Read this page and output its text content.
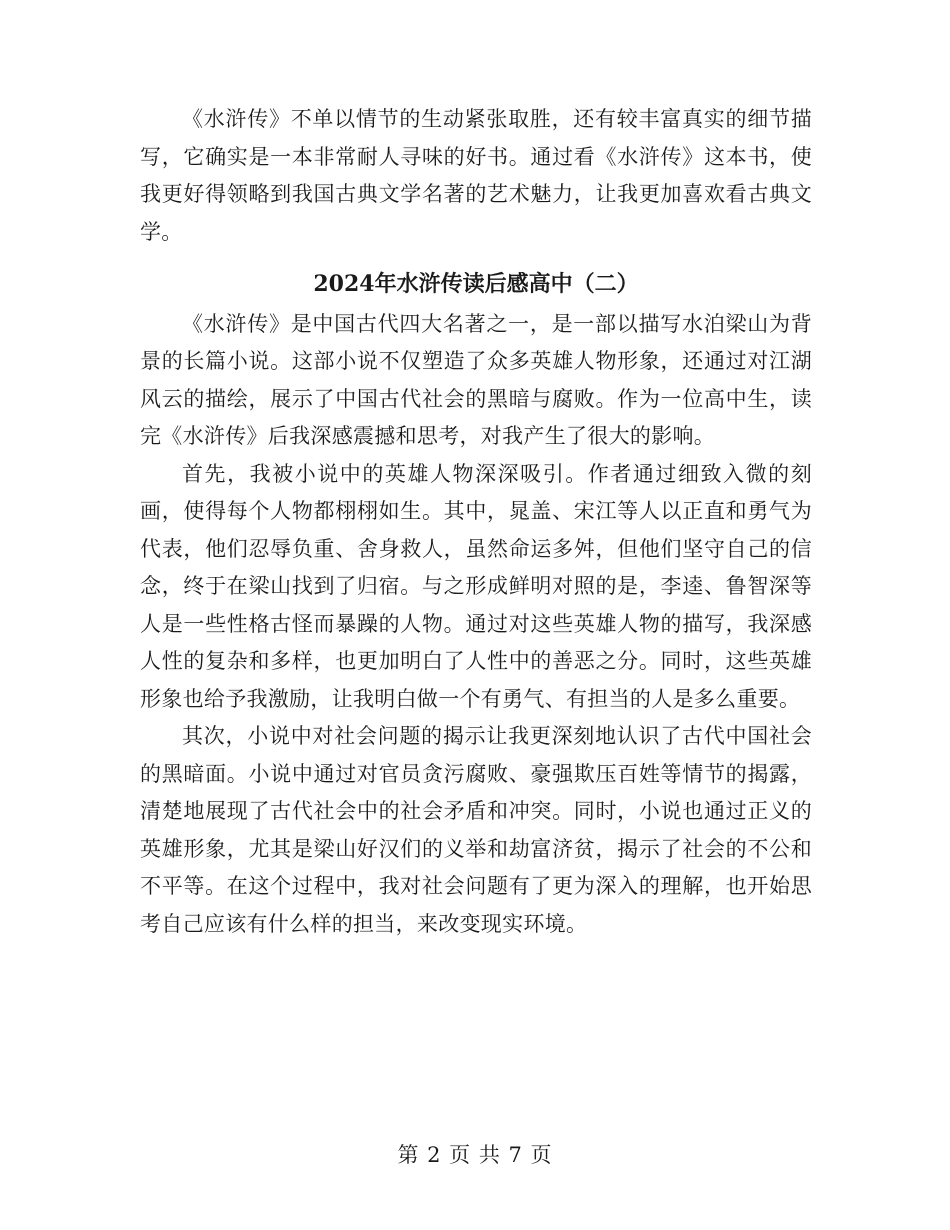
《水浒传》不单以情节的生动紧张取胜，还有较丰富真实的细节描写，它确实是一本非常耐人寻味的好书。通过看《水浒传》这本书，使我更好得领略到我国古典文学名著的艺术魅力，让我更加喜欢看古典文学。

2024年水浒传读后感高中（二）

《水浒传》是中国古代四大名著之一，是一部以描写水泊梁山为背景的长篇小说。这部小说不仅塑造了众多英雄人物形象，还通过对江湖风云的描绘，展示了中国古代社会的黑暗与腐败。作为一位高中生，读完《水浒传》后我深感震撼和思考，对我产生了很大的影响。

首先，我被小说中的英雄人物深深吸引。作者通过细致入微的刻画，使得每个人物都栩栩如生。其中，晁盖、宋江等人以正直和勇气为代表，他们忍辱负重、舍身救人，虽然命运多舛，但他们坚守自己的信念，终于在梁山找到了归宿。与之形成鲜明对照的是，李逵、鲁智深等人是一些性格古怪而暴躁的人物。通过对这些英雄人物的描写，我深感人性的复杂和多样，也更加明白了人性中的善恶之分。同时，这些英雄形象也给予我激励，让我明白做一个有勇气、有担当的人是多么重要。

其次，小说中对社会问题的揭示让我更深刻地认识了古代中国社会的黑暗面。小说中通过对官员贪污腐败、豪强欺压百姓等情节的揭露，清楚地展现了古代社会中的社会矛盾和冲突。同时，小说也通过正义的英雄形象，尤其是梁山好汉们的义举和劫富济贫，揭示了社会的不公和不平等。在这个过程中，我对社会问题有了更为深入的理解，也开始思考自己应该有什么样的担当，来改变现实环境。

第 2 页 共 7 页
